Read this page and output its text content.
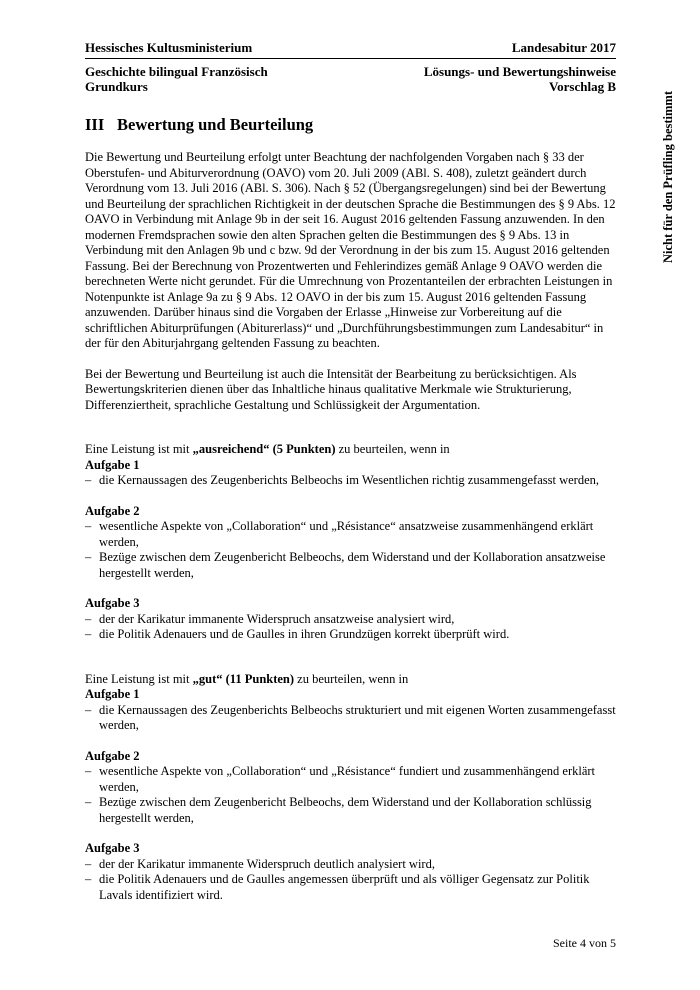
Hessisches Kultusministerium	Landesabitur 2017
Geschichte bilingual Französisch
Grundkurs
Lösungs- und Bewertungshinweise
Vorschlag B
III Bewertung und Beurteilung

Die Bewertung und Beurteilung erfolgt unter Beachtung der nachfolgenden Vorgaben nach § 33 der Oberstufen- und Abiturverordnung (OAVO) vom 20. Juli 2009 (ABl. S. 408), zuletzt geändert durch Verordnung vom 13. Juli 2016 (ABl. S. 306). Nach § 52 (Übergangsregelungen) sind bei der Bewertung und Beurteilung der sprachlichen Richtigkeit in der deutschen Sprache die Bestimmungen des § 9 Abs. 12 OAVO in Verbindung mit Anlage 9b in der seit 16. August 2016 geltenden Fassung anzuwenden. In den modernen Fremdsprachen sowie den alten Sprachen gelten die Bestimmungen des § 9 Abs. 13 in Verbindung mit den Anlagen 9b und c bzw. 9d der Verordnung in der bis zum 15. August 2016 geltenden Fassung. Bei der Berechnung von Prozentwerten und Fehlerindizes gemäß Anlage 9 OAVO werden die berechneten Werte nicht gerundet. Für die Umrechnung von Prozentanteilen der erbrachten Leistungen in Notenpunkte ist Anlage 9a zu § 9 Abs. 12 OAVO in der bis zum 15. August 2016 geltenden Fassung anzuwenden. Darüber hinaus sind die Vorgaben der Erlasse „Hinweise zur Vorbereitung auf die schriftlichen Abiturprüfungen (Abiturerlass)“ und „Durchführungsbestimmungen zum Landesabitur“ in der für den Abiturjahrgang geltenden Fassung zu beachten.

Bei der Bewertung und Beurteilung ist auch die Intensität der Bearbeitung zu berücksichtigen. Als Bewertungskriterien dienen über das Inhaltliche hinaus qualitative Merkmale wie Strukturierung, Differenziertheit, sprachliche Gestaltung und Schlüssigkeit der Argumentation.

Eine Leistung ist mit „ausreichend“ (5 Punkten) zu beurteilen, wenn in

Aufgabe 1
– die Kernaussagen des Zeugenberichts Belbeochs im Wesentlichen richtig zusammengefasst werden,
Aufgabe 2
– wesentliche Aspekte von „Collaboration“ und „Résistance“ ansatzweise zusammenhängend erklärt werden,
– Bezüge zwischen dem Zeugenbericht Belbeochs, dem Widerstand und der Kollaboration ansatzweise hergestellt werden,
Aufgabe 3
– der der Karikatur immanente Widerspruch ansatzweise analysiert wird,
– die Politik Adenauers und de Gaulles in ihren Grundzügen korrekt überprüft wird.

Eine Leistung ist mit „gut“ (11 Punkten) zu beurteilen, wenn in

Aufgabe 1
– die Kernaussagen des Zeugenberichts Belbeochs strukturiert und mit eigenen Worten zusammengefasst werden,
Aufgabe 2
– wesentliche Aspekte von „Collaboration“ und „Résistance“ fundiert und zusammenhängend erklärt werden,
– Bezüge zwischen dem Zeugenbericht Belbeochs, dem Widerstand und der Kollaboration schlüssig hergestellt werden,
Aufgabe 3
– der der Karikatur immanente Widerspruch deutlich analysiert wird,
– die Politik Adenauers und de Gaulles angemessen überprüft und als völliger Gegensatz zur Politik Lavals identifiziert wird.
Nicht für den Prüfling bestimmt
Seite 4 von 5
